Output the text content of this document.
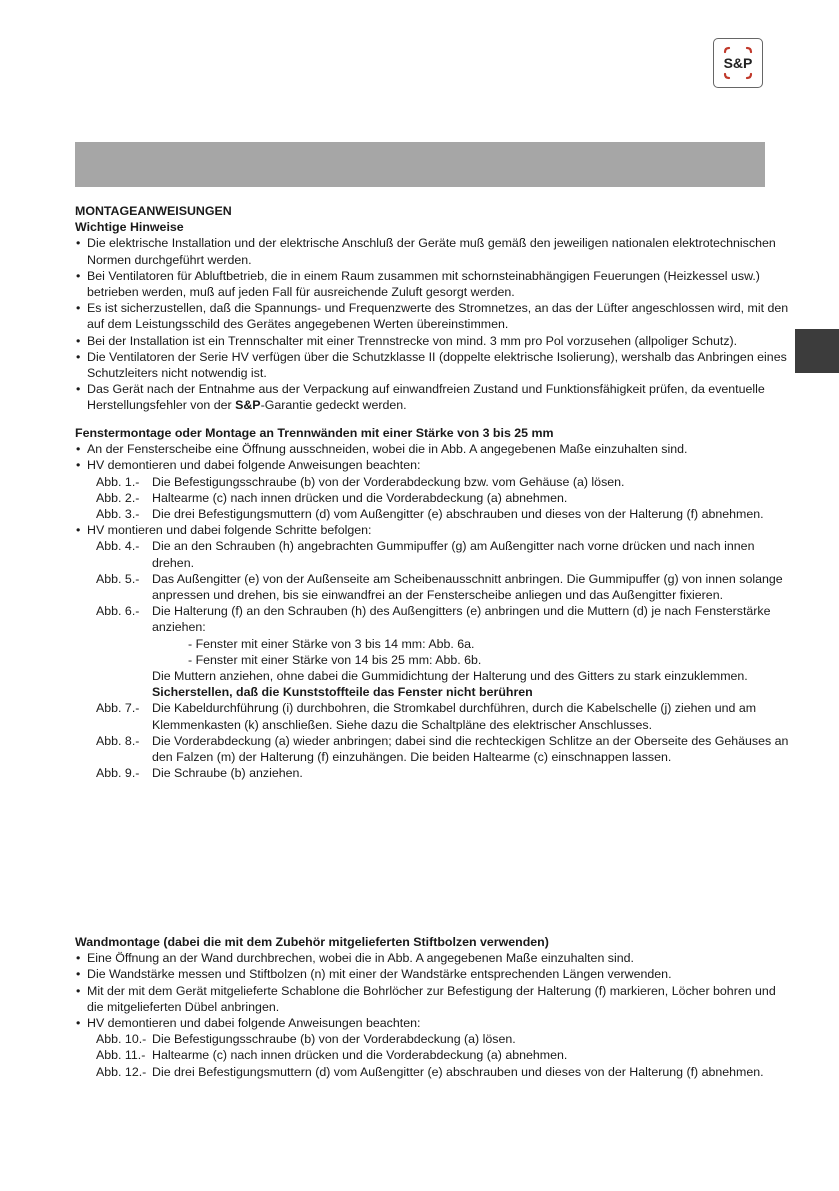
S&P

MONTAGEANWEISUNGEN

Wichtige Hinweise

• Die elektrische Installation und der elektrische Anschluß der Geräte muß gemäß den jeweiligen nationalen elektrotechnischen Normen durchgeführt werden.

• Bei Ventilatoren für Abluftbetrieb, die in einem Raum zusammen mit schornsteinabhängigen Feuerungen (Heizkessel usw.) betrieben werden, muß auf jeden Fall für ausreichende Zuluft gesorgt werden.

• Es ist sicherzustellen, daß die Spannungs- und Frequenzwerte des Stromnetzes, an das der Lüfter angeschlossen wird, mit den auf dem Leistungsschild des Gerätes angegebenen Werten übereinstimmen.

• Bei der Installation ist ein Trennschalter mit einer Trennstrecke von mind. 3 mm pro Pol vorzusehen (allpoliger Schutz).

• Die Ventilatoren der Serie HV verfügen über die Schutzklasse II (doppelte elektrische Isolierung), wershalb das Anbringen eines Schutzleiters nicht notwendig ist.

• Das Gerät nach der Entnahme aus der Verpackung auf einwandfreien Zustand und Funktionsfähigkeit prüfen, da eventuelle Herstellungsfehler von der S&P-Garantie gedeckt werden.

Fenstermontage oder Montage an Trennwänden mit einer Stärke von 3 bis 25 mm

• An der Fensterscheibe eine Öffnung ausschneiden, wobei die in Abb. A angegebenen Maße einzuhalten sind.

• HV demontieren und dabei folgende Anweisungen beachten:

Abb. 1.- Die Befestigungsschraube (b) von der Vorderabdeckung bzw. vom Gehäuse (a) lösen.

Abb. 2.- Haltearme (c) nach innen drücken und die Vorderabdeckung (a) abnehmen.

Abb. 3.- Die drei Befestigungsmuttern (d) vom Außengitter (e) abschrauben und dieses von der Halterung (f) abnehmen.

• HV montieren und dabei folgende Schritte befolgen:

Abb. 4.- Die an den Schrauben (h) angebrachten Gummipuffer (g) am Außengitter nach vorne drücken und nach innen drehen.

Abb. 5.- Das Außengitter (e) von der Außenseite am Scheibenausschnitt anbringen. Die Gummipuffer (g) von innen solange anpressen und drehen, bis sie einwandfrei an der Fensterscheibe anliegen und das Außengitter fixieren.

Abb. 6.- Die Halterung (f) an den Schrauben (h) des Außengitters (e) anbringen und die Muttern (d) je nach Fensterstärke anziehen:

- Fenster mit einer Stärke von 3 bis 14 mm: Abb. 6a.

- Fenster mit einer Stärke von 14 bis 25 mm: Abb. 6b.

Die Muttern anziehen, ohne dabei die Gummidichtung der Halterung und des Gitters zu stark einzuklemmen.

Sicherstellen, daß die Kunststoffteile das Fenster nicht berühren

Abb. 7.- Die Kabeldurchführung (i) durchbohren, die Stromkabel durchführen, durch die Kabelschelle (j) ziehen und am Klemmenkasten (k) anschließen. Siehe dazu die Schaltpläne des elektrischer Anschlusses.

Abb. 8.- Die Vorderabdeckung (a) wieder anbringen; dabei sind die rechteckigen Schlitze an der Oberseite des Gehäuses an den Falzen (m) der Halterung (f) einzuhängen. Die beiden Haltearme (c) einschnappen lassen.

Abb. 9.- Die Schraube (b) anziehen.

Wandmontage (dabei die mit dem Zubehör mitgelieferten Stiftbolzen verwenden)

• Eine Öffnung an der Wand durchbrechen, wobei die in Abb. A angegebenen Maße einzuhalten sind.

• Die Wandstärke messen und Stiftbolzen (n) mit einer der Wandstärke entsprechenden Längen verwenden.

• Mit der mit dem Gerät mitgelieferte Schablone die Bohrlöcher zur Befestigung der Halterung (f) markieren, Löcher bohren und die mitgelieferten Dübel anbringen.

• HV demontieren und dabei folgende Anweisungen beachten:

Abb. 10.- Die Befestigungsschraube (b) von der Vorderabdeckung (a) lösen.

Abb. 11.- Haltearme (c) nach innen drücken und die Vorderabdeckung (a) abnehmen.

Abb. 12.- Die drei Befestigungsmuttern (d) vom Außengitter (e) abschrauben und dieses von der Halterung (f) abnehmen.
